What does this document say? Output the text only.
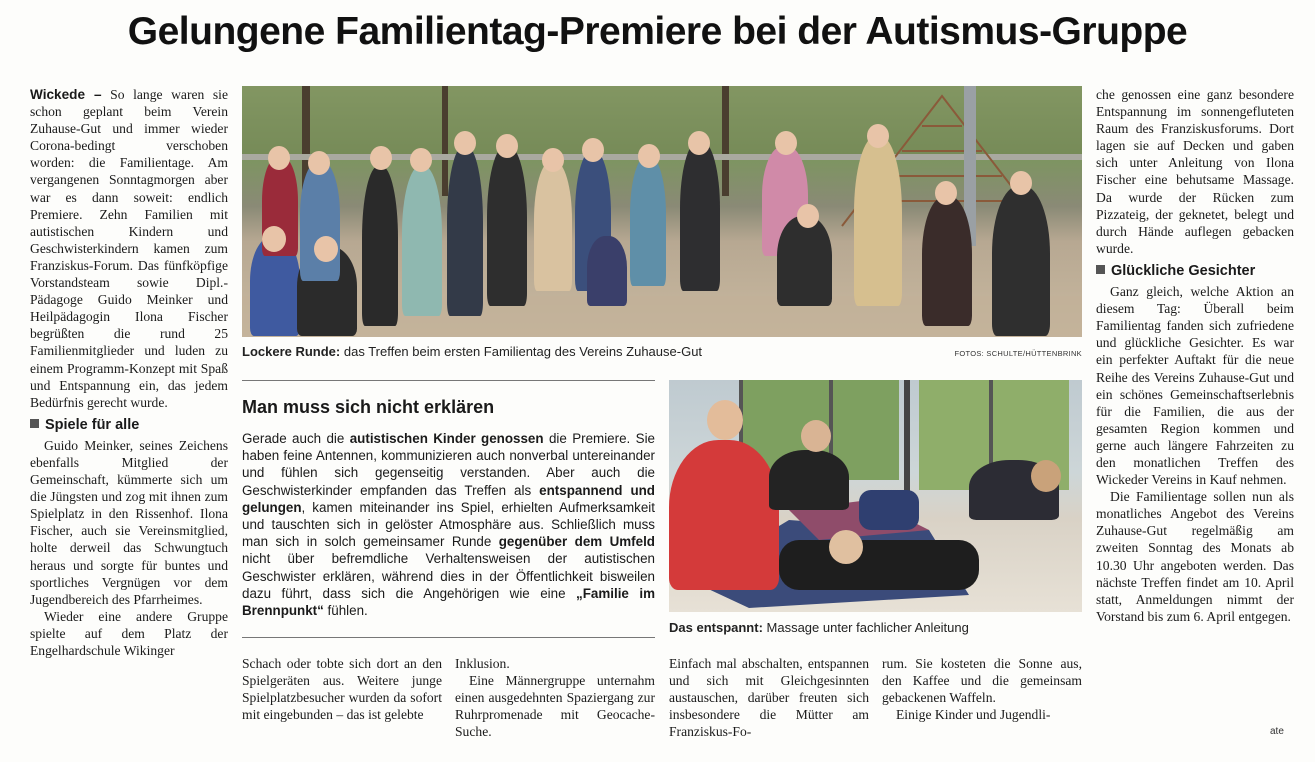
Gelungene Familientag-Premiere bei der Autismus-Gruppe

Wickede – So lange waren sie schon geplant beim Verein Zuhause-Gut und immer wieder Corona-bedingt verschoben worden: die Familientage. Am vergangenen Sonntagmorgen aber war es dann soweit: endlich Premiere. Zehn Familien mit autistischen Kindern und Geschwisterkindern kamen zum Franziskus-Forum. Das fünfköpfige Vorstandsteam sowie Dipl.-Pädagoge Guido Meinker und Heilpädagogin Ilona Fischer begrüßten die rund 25 Familienmitglieder und luden zu einem Programm-Konzept mit Spaß und Entspannung ein, das jedem Bedürfnis gerecht wurde.

Spiele für alle

Guido Meinker, seines Zeichens ebenfalls Mitglied der Gemeinschaft, kümmerte sich um die Jüngsten und zog mit ihnen zum Spielplatz in den Rissenhof. Ilona Fischer, auch sie Vereinsmitglied, holte derweil das Schwungtuch heraus und sorgte für buntes und sportliches Vergnügen vor dem Jugendbereich des Pfarrheimes.

Wieder eine andere Gruppe spielte auf dem Platz der Engelhardschule Wikinger

Lockere Runde: das Treffen beim ersten Familientag des Vereins Zuhause-Gut	FOTOS: SCHULTE/HÜTTENBRINK
Man muss sich nicht erklären
Gerade auch die autistischen Kinder genossen die Premiere. Sie haben feine Antennen, kommunizieren auch nonverbal untereinander und fühlen sich gegenseitig verstanden. Aber auch die Geschwisterkinder empfanden das Treffen als entspannend und gelungen, kamen miteinander ins Spiel, erhielten Aufmerksamkeit und tauschten sich in gelöster Atmosphäre aus. Schließlich muss man sich in solch gemeinsamer Runde gegenüber dem Umfeld nicht über befremdliche Verhaltensweisen der autistischen Geschwister erklären, während dies in der Öffentlichkeit bisweilen dazu führt, dass sich die Angehörigen wie eine „Familie im Brennpunkt“ fühlen.
Das entspannt: Massage unter fachlicher Anleitung

Schach oder tobte sich dort an den Spielgeräten aus. Weitere junge Spielplatzbesucher wurden da sofort mit eingebunden – das ist gelebte

Inklusion.

Eine Männergruppe unternahm einen ausgedehnten Spaziergang zur Ruhrpromenade mit Geocache-Suche.

Einfach mal abschalten, entspannen und sich mit Gleichgesinnten austauschen, darüber freuten sich insbesondere die Mütter am Franziskus-Fo-

rum. Sie kosteten die Sonne aus, den Kaffee und die gemeinsam gebackenen Waffeln.

Einige Kinder und Jugendli-

che genossen eine ganz besondere Entspannung im sonnengefluteten Raum des Franziskusforums. Dort lagen sie auf Decken und gaben sich unter Anleitung von Ilona Fischer eine behutsame Massage. Da wurde der Rücken zum Pizzateig, der geknetet, belegt und durch Hände auflegen gebacken wurde.

Glückliche Gesichter

Ganz gleich, welche Aktion an diesem Tag: Überall beim Familientag fanden sich zufriedene und glückliche Gesichter. Es war ein perfekter Auftakt für die neue Reihe des Vereins Zuhause-Gut und ein schönes Gemeinschaftserlebnis für die Familien, die aus der gesamten Region kommen und gerne auch längere Fahrzeiten zu den monatlichen Treffen des Wickeder Vereins in Kauf nehmen.

Die Familientage sollen nun als monatliches Angebot des Vereins Zuhause-Gut regelmäßig am zweiten Sonntag des Monats ab 10.30 Uhr angeboten werden. Das nächste Treffen findet am 10. April statt, Anmeldungen nimmt der Vorstand bis zum 6. April entgegen.

ate
